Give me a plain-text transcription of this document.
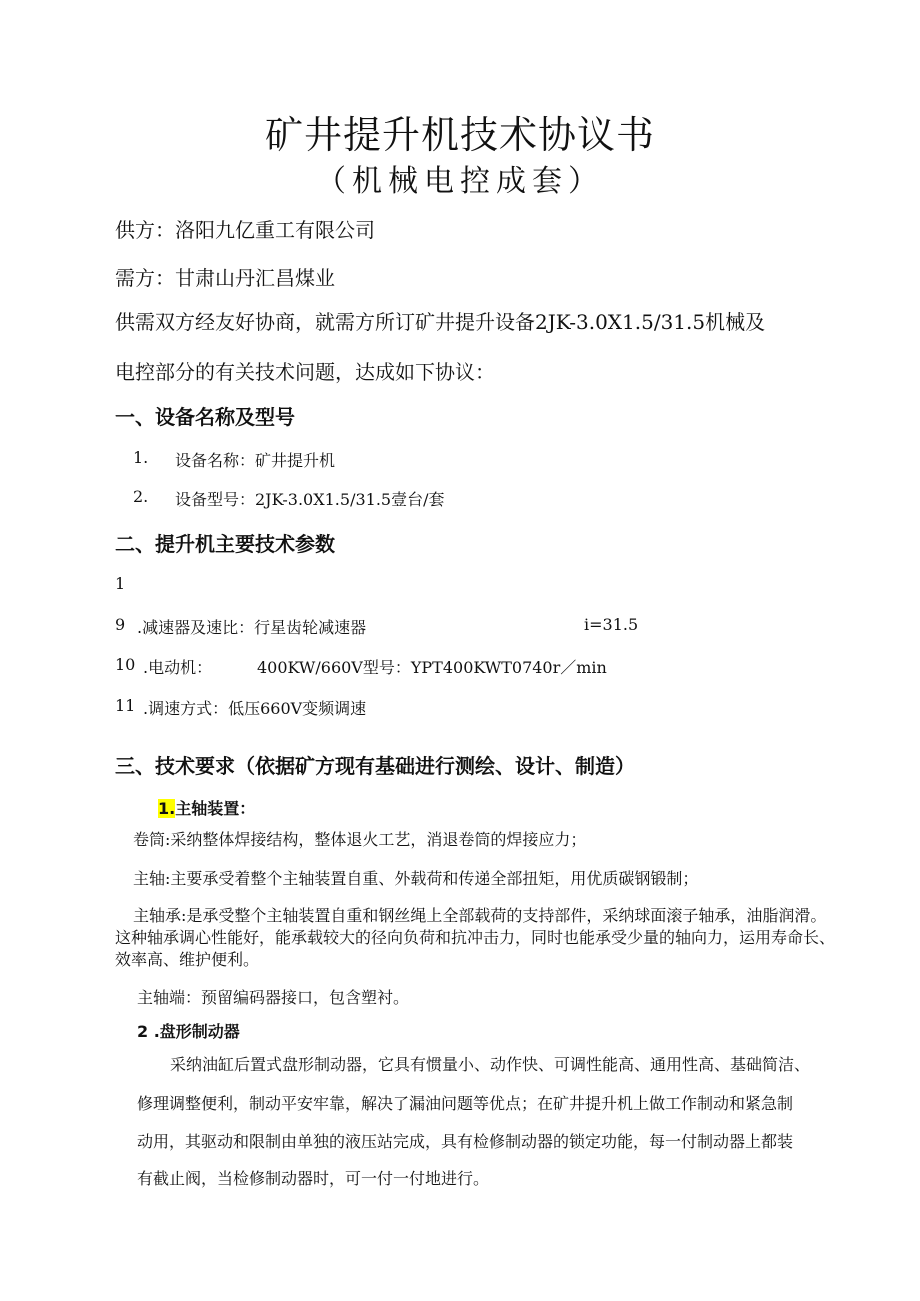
矿井提升机技术协议书
（机械电控成套）
供方：洛阳九亿重工有限公司
需方：甘肃山丹汇昌煤业
供需双方经友好协商，就需方所订矿井提升设备2JK-3.0X1.5/31.5机械及
电控部分的有关技术问题，达成如下协议：
一、设备名称及型号
1. 设备名称：矿井提升机
2. 设备型号：2JK-3.0X1.5/31.5壹台/套
二、提升机主要技术参数
1
9 .减速器及速比：行星齿轮减速器	i=31.5
10 .电动机：	400KW/660V型号：YPT400KWT0740r／min
11 .调速方式：低压660V变频调速
三、技术要求（依据矿方现有基础进行测绘、设计、制造）
1.主轴装置：
卷筒:采纳整体焊接结构，整体退火工艺，消退卷筒的焊接应力；
主轴:主要承受着整个主轴装置自重、外载荷和传递全部扭矩，用优质碳钢锻制；
主轴承:是承受整个主轴装置自重和钢丝绳上全部载荷的支持部件，采纳球面滚子轴承，油脂润滑。这种轴承调心性能好，能承载较大的径向负荷和抗冲击力，同时也能承受少量的轴向力，运用寿命长、效率高、维护便利。
主轴端：预留编码器接口，包含塑衬。
2 .盘形制动器
采纳油缸后置式盘形制动器，它具有惯量小、动作快、可调性能高、通用性高、基础简洁、
修理调整便利，制动平安牢靠，解决了漏油问题等优点；在矿井提升机上做工作制动和紧急制
动用，其驱动和限制由单独的液压站完成，具有检修制动器的锁定功能，每一付制动器上都装
有截止阀，当检修制动器时，可一付一付地进行。
